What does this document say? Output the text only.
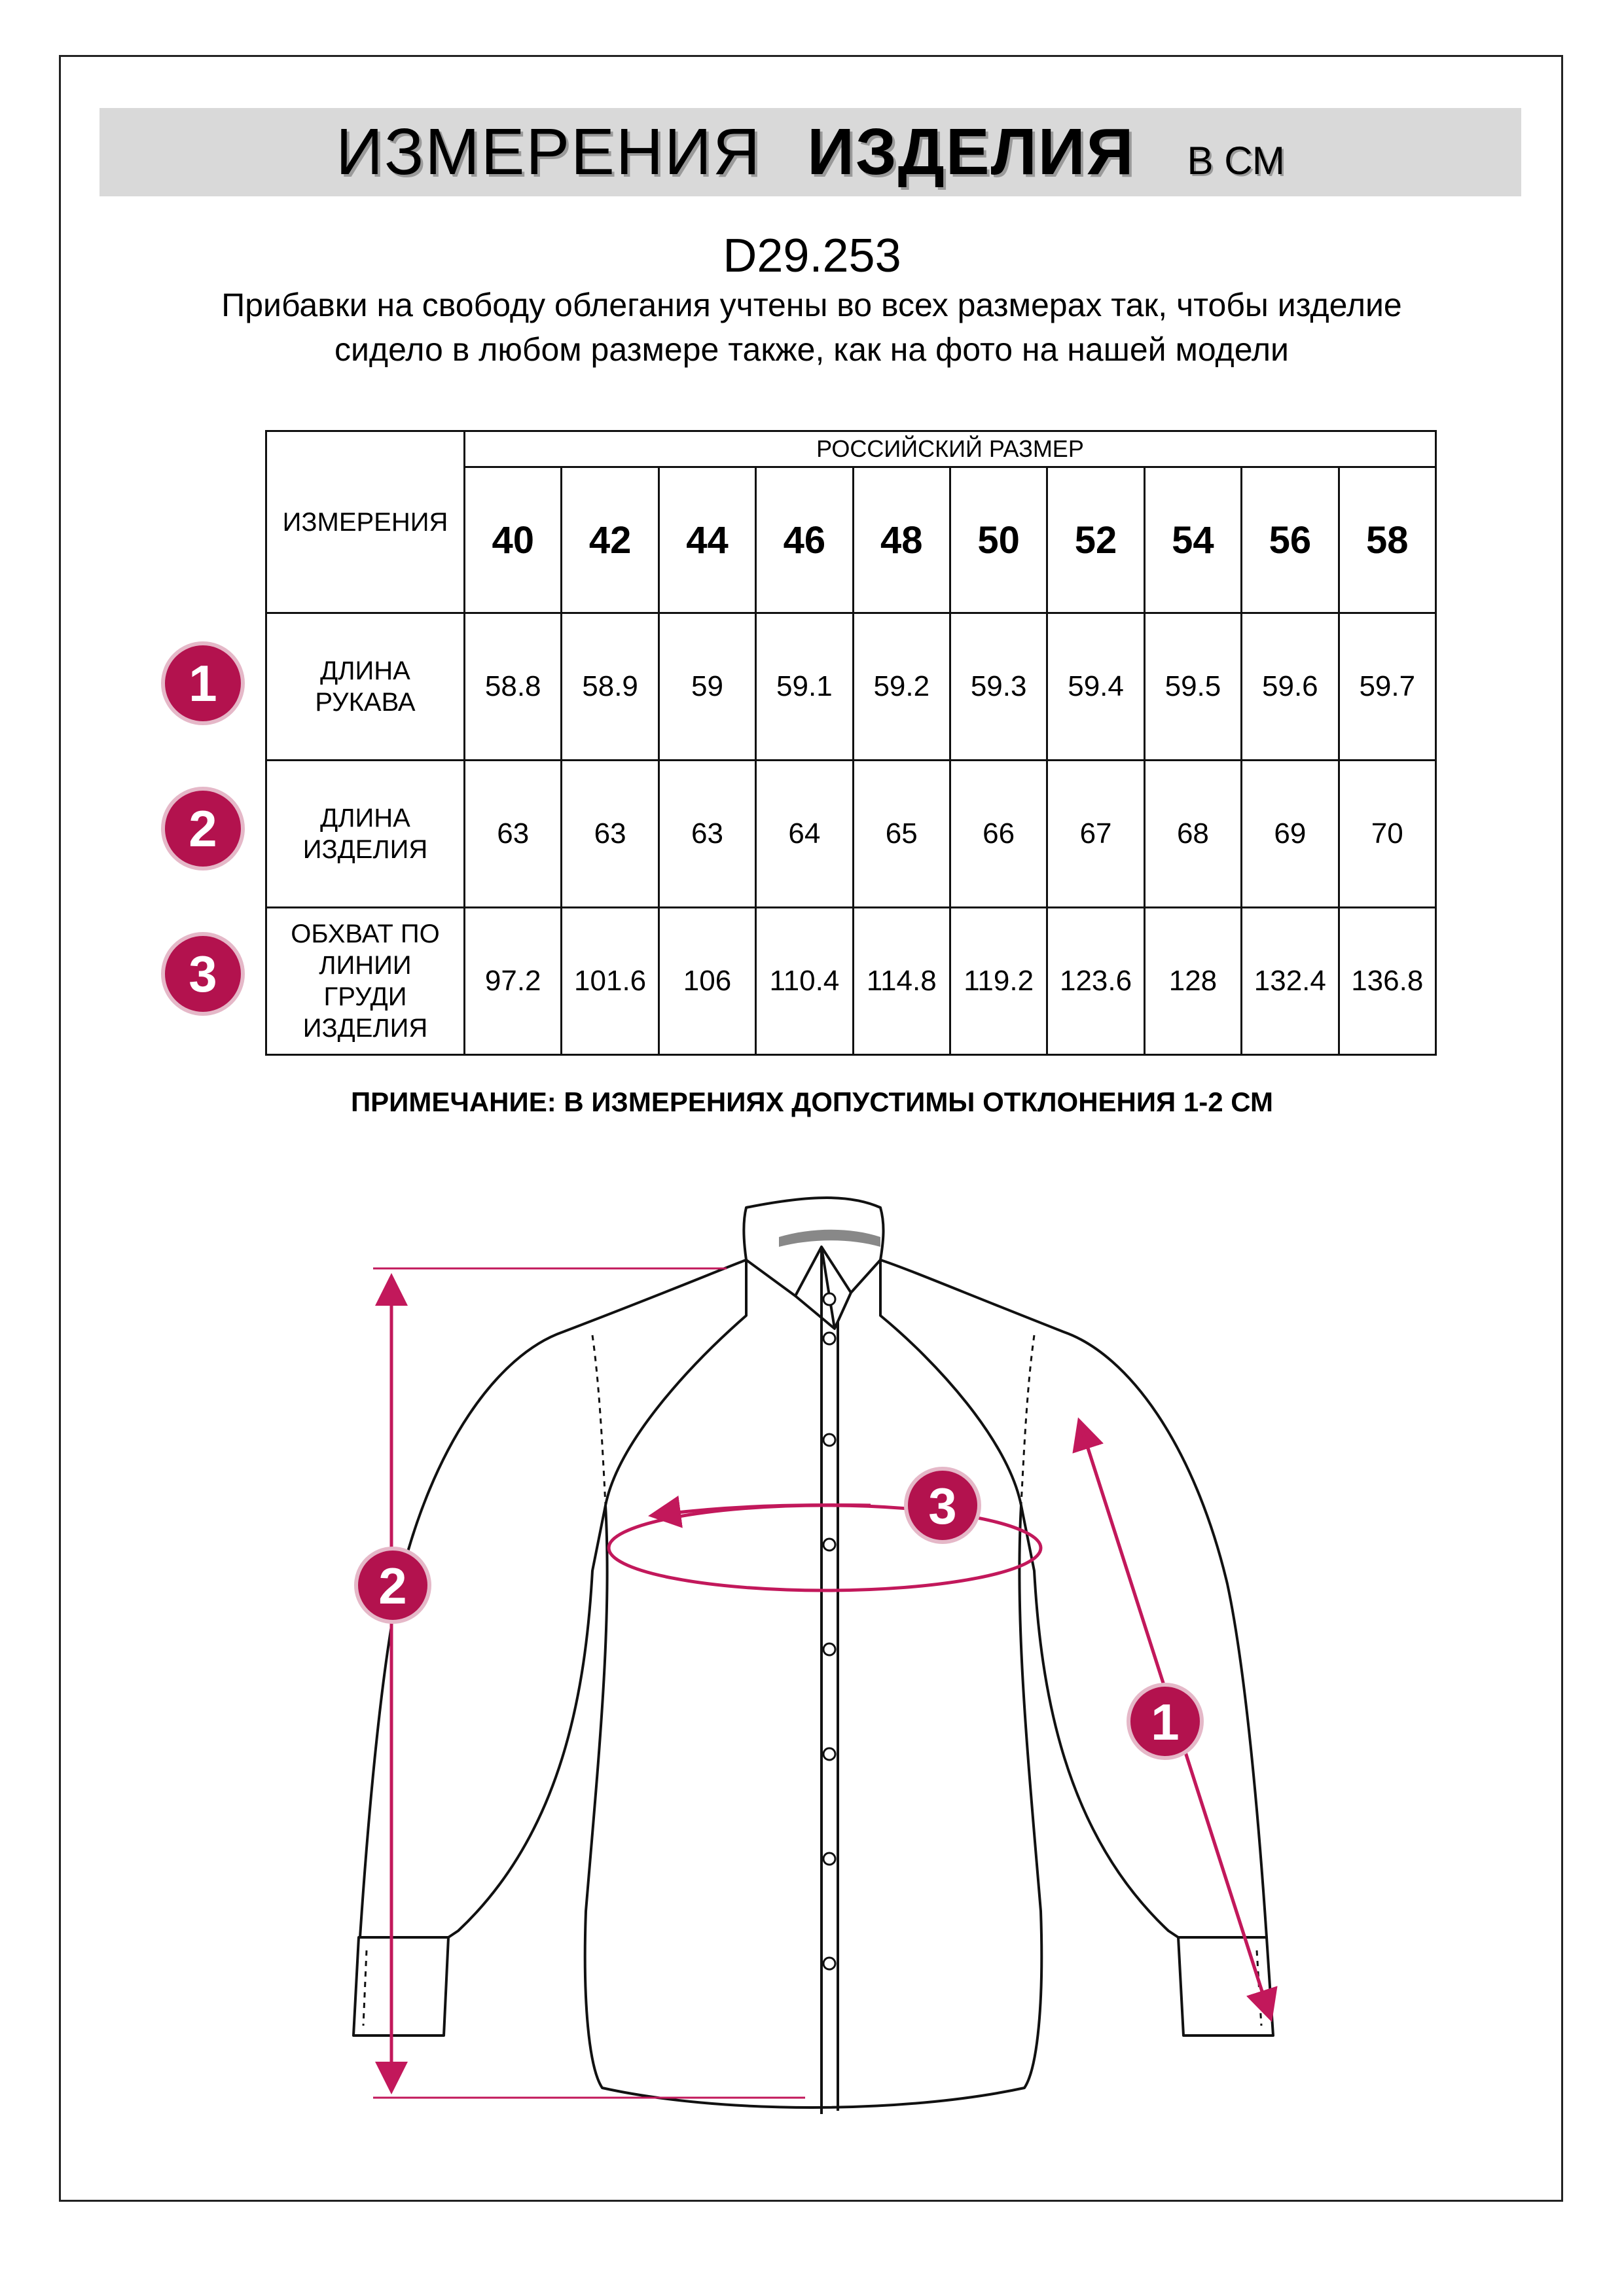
ИЗМЕРЕНИЯ ИЗДЕЛИЯ В СМ
D29.253
Прибавки на свободу облегания учтены во всех размерах так, чтобы изделие сидело в любом размере также, как на фото на нашей модели
ИЗМЕРЕНИЯ	РОССИЙСКИЙ РАЗМЕР									
	40	42	44	46	48	50	52	54	56	58

ДЛИНА
РУКАВА	58.8	58.9	59	59.1	59.2	59.3	59.4	59.5	59.6	59.7

ДЛИНА
ИЗДЕЛИЯ	63	63	63	64	65	66	67	68	69	70

ОБХВАТ ПО
ЛИНИИ
ГРУДИ
ИЗДЕЛИЯ	97.2	101.6	106	110.4	114.8	119.2	123.6	128	132.4	136.8
1
2
3
ПРИМЕЧАНИЕ: В ИЗМЕРЕНИЯХ ДОПУСТИМЫ ОТКЛОНЕНИЯ 1-2 СМ
2
3
1
